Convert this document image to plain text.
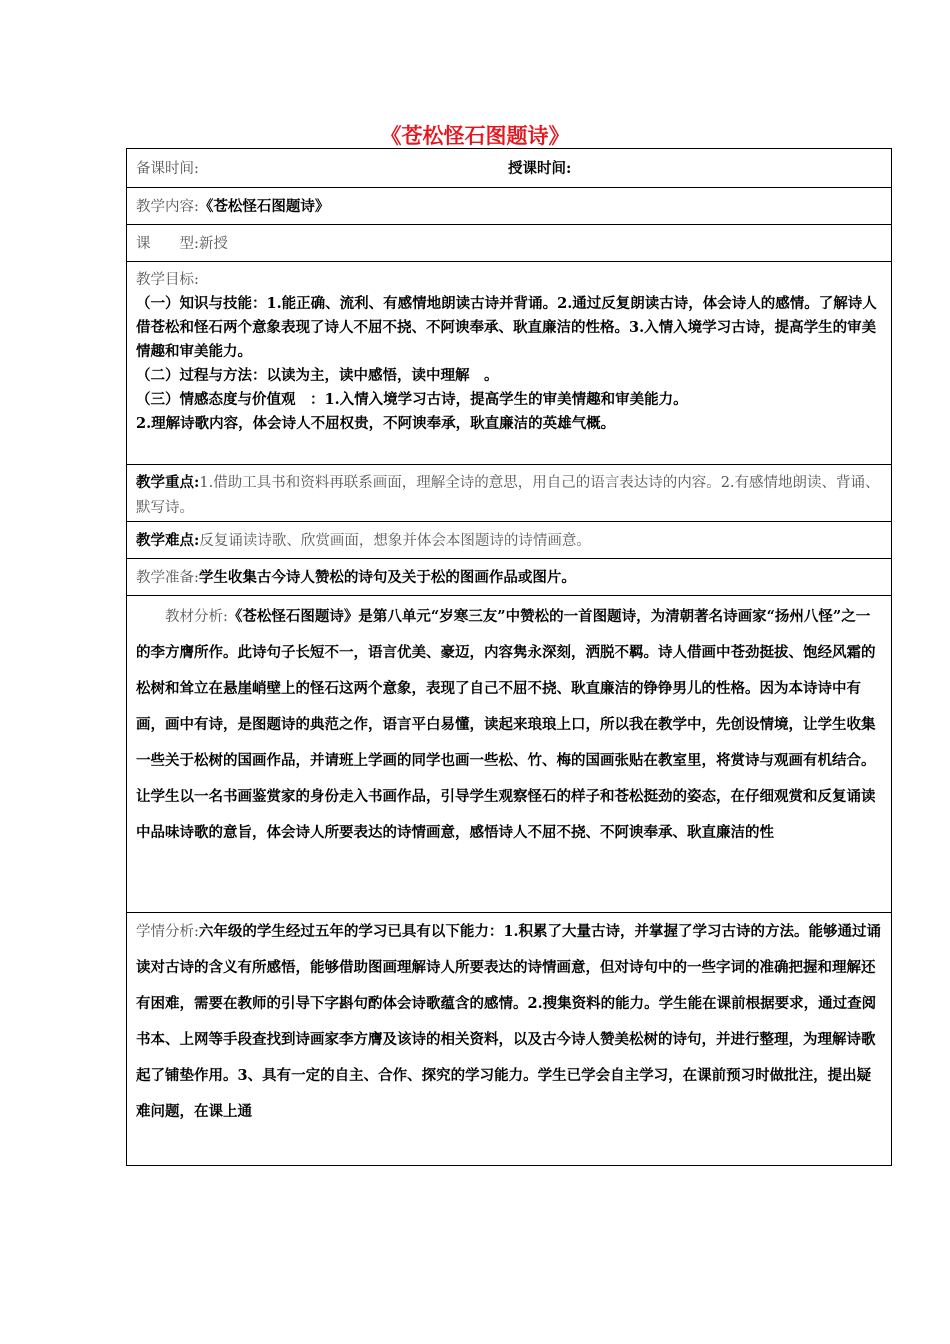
《苍松怪石图题诗》
备课时间:	授课时间:

教学内容:《苍松怪石图题诗》

课　　型:新授

教学目标:

（一）知识与技能：1.能正确、流利、有感情地朗读古诗并背诵。2.通过反复朗读古诗，体会诗人的感情。了解诗人借苍松和怪石两个意象表现了诗人不屈不挠、不阿谀奉承、耿直廉洁的性格。3.入情入境学习古诗，提高学生的审美情趣和审美能力。

（二）过程与方法：以读为主，读中感悟，读中理解　。

（三）情感态度与价值观　：1.入情入境学习古诗，提高学生的审美情趣和审美能力。

2.理解诗歌内容，体会诗人不屈权贵，不阿谀奉承，耿直廉洁的英雄气概。

教学重点:1.借助工具书和资料再联系画面，理解全诗的意思，用自己的语言表达诗的内容。2.有感情地朗读、背诵、默写诗。

教学难点:反复诵读诗歌、欣赏画面，想象并体会本图题诗的诗情画意。

教学准备:学生收集古今诗人赞松的诗句及关于松的图画作品或图片。

教材分析:《苍松怪石图题诗》是第八单元“岁寒三友”中赞松的一首图题诗，为清朝著名诗画家“扬州八怪”之一的李方膺所作。此诗句子长短不一，语言优美、豪迈，内容隽永深刻，洒脱不羁。诗人借画中苍劲挺拔、饱经风霜的松树和耸立在悬崖峭壁上的怪石这两个意象，表现了自己不屈不挠、耿直廉洁的铮铮男儿的性格。因为本诗诗中有画，画中有诗，是图题诗的典范之作，语言平白易懂，读起来琅琅上口，所以我在教学中，先创设情境，让学生收集一些关于松树的国画作品，并请班上学画的同学也画一些松、竹、梅的国画张贴在教室里，将赏诗与观画有机结合。让学生以一名书画鉴赏家的身份走入书画作品，引导学生观察怪石的样子和苍松挺劲的姿态，在仔细观赏和反复诵读中品味诗歌的意旨，体会诗人所要表达的诗情画意，感悟诗人不屈不挠、不阿谀奉承、耿直廉洁的性

学情分析:六年级的学生经过五年的学习已具有以下能力：1.积累了大量古诗，并掌握了学习古诗的方法。能够通过诵读对古诗的含义有所感悟，能够借助图画理解诗人所要表达的诗情画意，但对诗句中的一些字词的准确把握和理解还有困难，需要在教师的引导下字斟句酌体会诗歌蕴含的感情。2.搜集资料的能力。学生能在课前根据要求，通过查阅书本、上网等手段查找到诗画家李方膺及该诗的相关资料，以及古今诗人赞美松树的诗句，并进行整理，为理解诗歌起了铺垫作用。3、具有一定的自主、合作、探究的学习能力。学生已学会自主学习，在课前预习时做批注，提出疑难问题，在课上通
